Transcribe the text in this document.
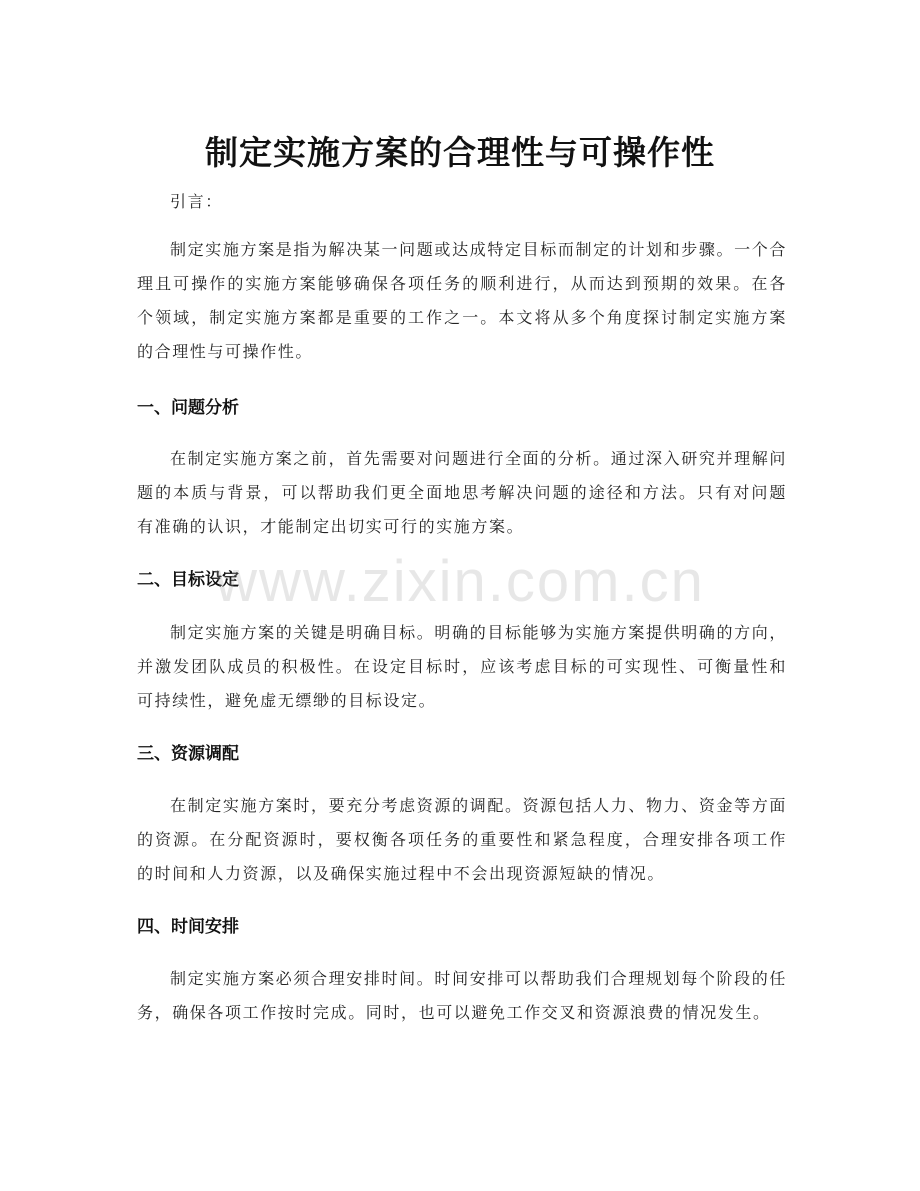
制定实施方案的合理性与可操作性

引言：

制定实施方案是指为解决某一问题或达成特定目标而制定的计划和步骤。一个合理且可操作的实施方案能够确保各项任务的顺利进行，从而达到预期的效果。在各个领域，制定实施方案都是重要的工作之一。本文将从多个角度探讨制定实施方案的合理性与可操作性。

一、问题分析

在制定实施方案之前，首先需要对问题进行全面的分析。通过深入研究并理解问题的本质与背景，可以帮助我们更全面地思考解决问题的途径和方法。只有对问题有准确的认识，才能制定出切实可行的实施方案。

二、目标设定

制定实施方案的关键是明确目标。明确的目标能够为实施方案提供明确的方向，并激发团队成员的积极性。在设定目标时，应该考虑目标的可实现性、可衡量性和可持续性，避免虚无缥缈的目标设定。

三、资源调配

在制定实施方案时，要充分考虑资源的调配。资源包括人力、物力、资金等方面的资源。在分配资源时，要权衡各项任务的重要性和紧急程度，合理安排各项工作的时间和人力资源，以及确保实施过程中不会出现资源短缺的情况。

四、时间安排

制定实施方案必须合理安排时间。时间安排可以帮助我们合理规划每个阶段的任务，确保各项工作按时完成。同时，也可以避免工作交叉和资源浪费的情况发生。

www.zixin.com.cn
